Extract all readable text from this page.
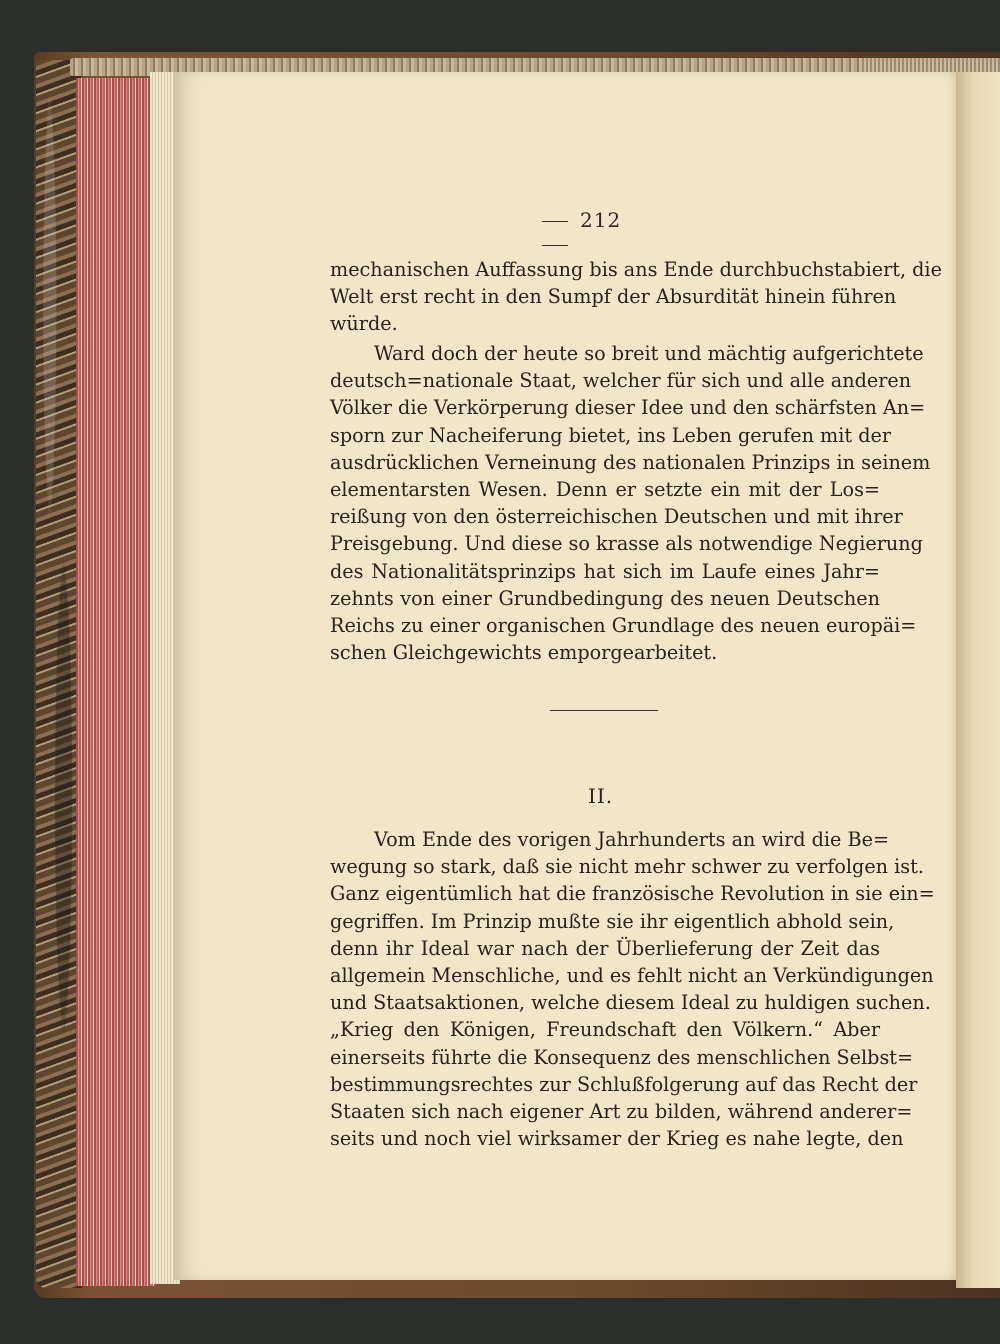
212

mechanischen Auffassung bis ans Ende durchbuchstabiert, die

Welt erst recht in den Sumpf der Absurdität hinein führen

würde.

Ward doch der heute so breit und mächtig aufgerichtete

deutsch=nationale Staat, welcher für sich und alle anderen

Völker die Verkörperung dieser Idee und den schärfsten An=

sporn zur Nacheiferung bietet, ins Leben gerufen mit der

ausdrücklichen Verneinung des nationalen Prinzips in seinem

elementarsten Wesen. Denn er setzte ein mit der Los=

reißung von den österreichischen Deutschen und mit ihrer

Preisgebung. Und diese so krasse als notwendige Negierung

des Nationalitätsprinzips hat sich im Laufe eines Jahr=

zehnts von einer Grundbedingung des neuen Deutschen

Reichs zu einer organischen Grundlage des neuen europäi=

schen Gleichgewichts emporgearbeitet.

II.

Vom Ende des vorigen Jahrhunderts an wird die Be=

wegung so stark, daß sie nicht mehr schwer zu verfolgen ist.

Ganz eigentümlich hat die französische Revolution in sie ein=

gegriffen. Im Prinzip mußte sie ihr eigentlich abhold sein,

denn ihr Ideal war nach der Überlieferung der Zeit das

allgemein Menschliche, und es fehlt nicht an Verkündigungen

und Staatsaktionen, welche diesem Ideal zu huldigen suchen.

„Krieg den Königen, Freundschaft den Völkern.“ Aber

einerseits führte die Konsequenz des menschlichen Selbst=

bestimmungsrechtes zur Schlußfolgerung auf das Recht der

Staaten sich nach eigener Art zu bilden, während anderer=

seits und noch viel wirksamer der Krieg es nahe legte, den
